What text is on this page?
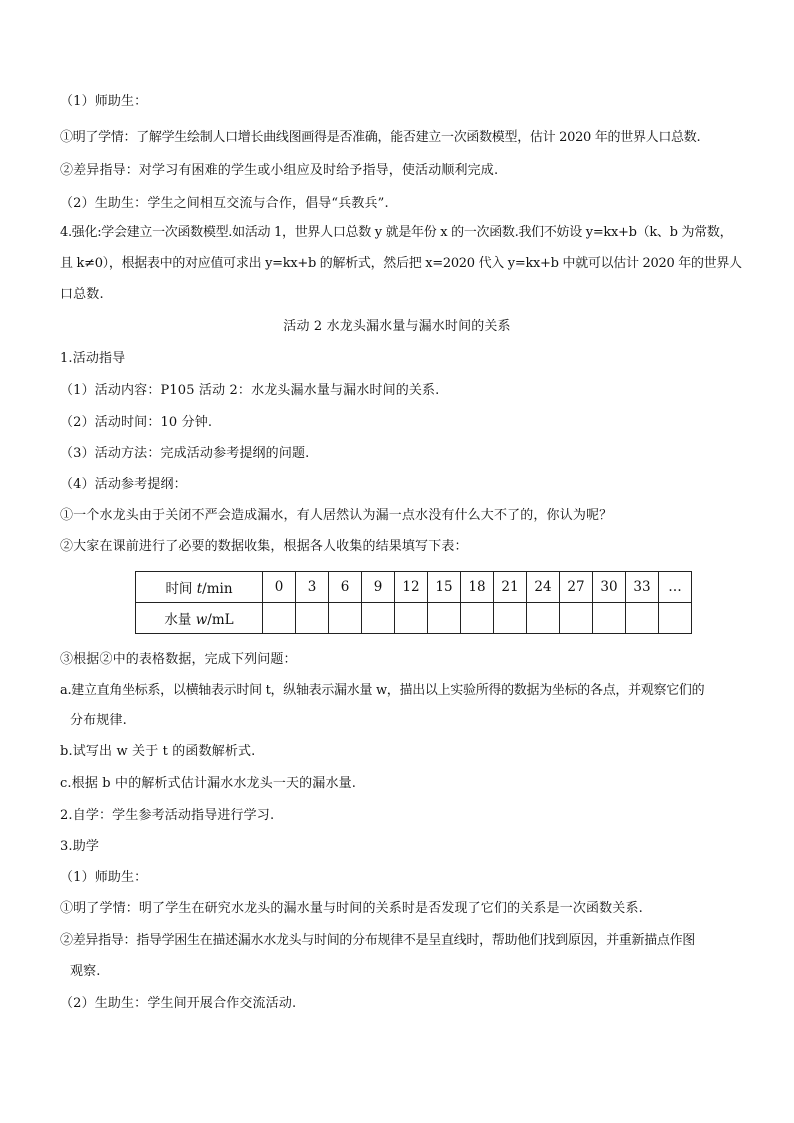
（1）师助生：
①明了学情：了解学生绘制人口增长曲线图画得是否准确，能否建立一次函数模型，估计 2020 年的世界人口总数.
②差异指导：对学习有困难的学生或小组应及时给予指导，使活动顺利完成.
（2）生助生：学生之间相互交流与合作，倡导“兵教兵”.
4.强化:学会建立一次函数模型.如活动 1，世界人口总数 y 就是年份 x 的一次函数.我们不妨设 y=kx+b（k、b 为常数，
且 k≠0），根据表中的对应值可求出 y=kx+b 的解析式，然后把 x=2020 代入 y=kx+b 中就可以估计 2020 年的世界人
口总数.
活动 2 水龙头漏水量与漏水时间的关系
1.活动指导
（1）活动内容：P105 活动 2：水龙头漏水量与漏水时间的关系.
（2）活动时间：10 分钟.
（3）活动方法：完成活动参考提纲的问题.
（4）活动参考提纲：
①一个水龙头由于关闭不严会造成漏水，有人居然认为漏一点水没有什么大不了的，你认为呢？
②大家在课前进行了必要的数据收集，根据各人收集的结果填写下表：
时间 t/min	0	3	6	9	12	15	18	21	24	27	30	33	…
水量 w/mL													
③根据②中的表格数据，完成下列问题：
a.建立直角坐标系，以横轴表示时间 t，纵轴表示漏水量 w，描出以上实验所得的数据为坐标的各点，并观察它们的
分布规律.
b.试写出 w 关于 t 的函数解析式.
c.根据 b 中的解析式估计漏水水龙头一天的漏水量.
2.自学：学生参考活动指导进行学习.
3.助学
（1）师助生：
①明了学情：明了学生在研究水龙头的漏水量与时间的关系时是否发现了它们的关系是一次函数关系.
②差异指导：指导学困生在描述漏水水龙头与时间的分布规律不是呈直线时，帮助他们找到原因，并重新描点作图
观察.
（2）生助生：学生间开展合作交流活动.
